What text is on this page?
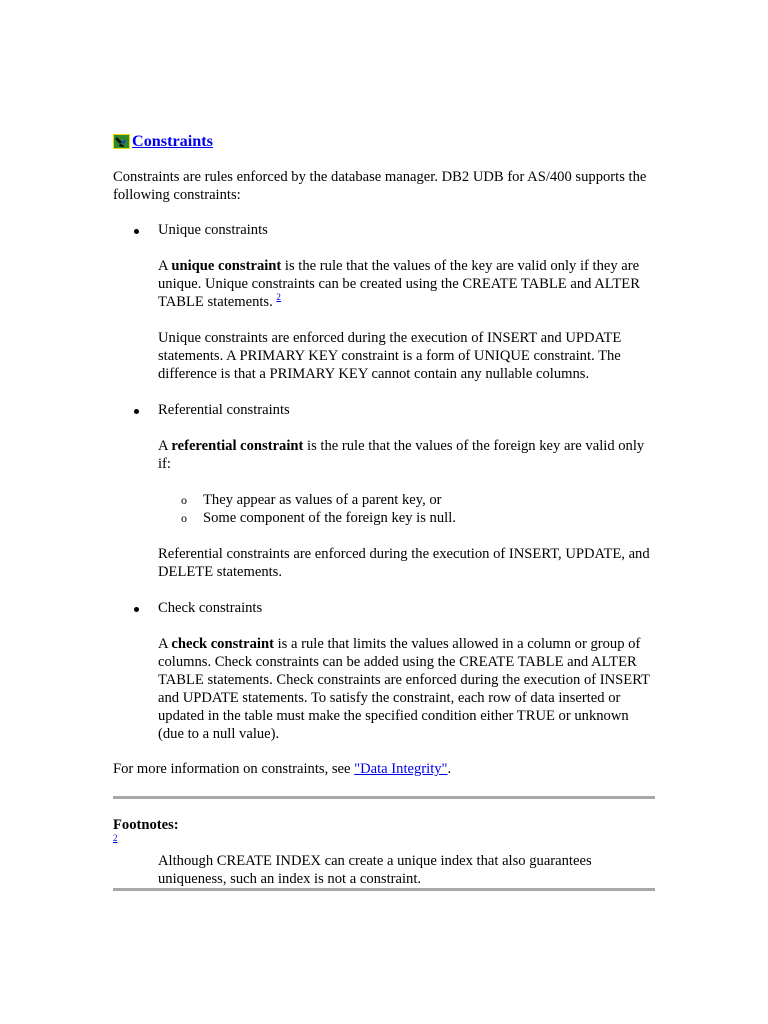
Constraints

Constraints are rules enforced by the database manager. DB2 UDB for AS/400 supports the following constraints:

Unique constraints

A unique constraint is the rule that the values of the key are valid only if they are unique. Unique constraints can be created using the CREATE TABLE and ALTER TABLE statements. $^2$

Unique constraints are enforced during the execution of INSERT and UPDATE statements. A PRIMARY KEY constraint is a form of UNIQUE constraint. The difference is that a PRIMARY KEY cannot contain any nullable columns.

Referential constraints

A referential constraint is the rule that the values of the foreign key are valid only if:

o They appear as values of a parent key, or
o Some component of the foreign key is null.

Referential constraints are enforced during the execution of INSERT, UPDATE, and DELETE statements.

Check constraints

A check constraint is a rule that limits the values allowed in a column or group of columns. Check constraints can be added using the CREATE TABLE and ALTER TABLE statements. Check constraints are enforced during the execution of INSERT and UPDATE statements. To satisfy the constraint, each row of data inserted or updated in the table must make the specified condition either TRUE or unknown (due to a null value).

For more information on constraints, see "Data Integrity".

Footnotes:
2

Although CREATE INDEX can create a unique index that also guarantees uniqueness, such an index is not a constraint.
